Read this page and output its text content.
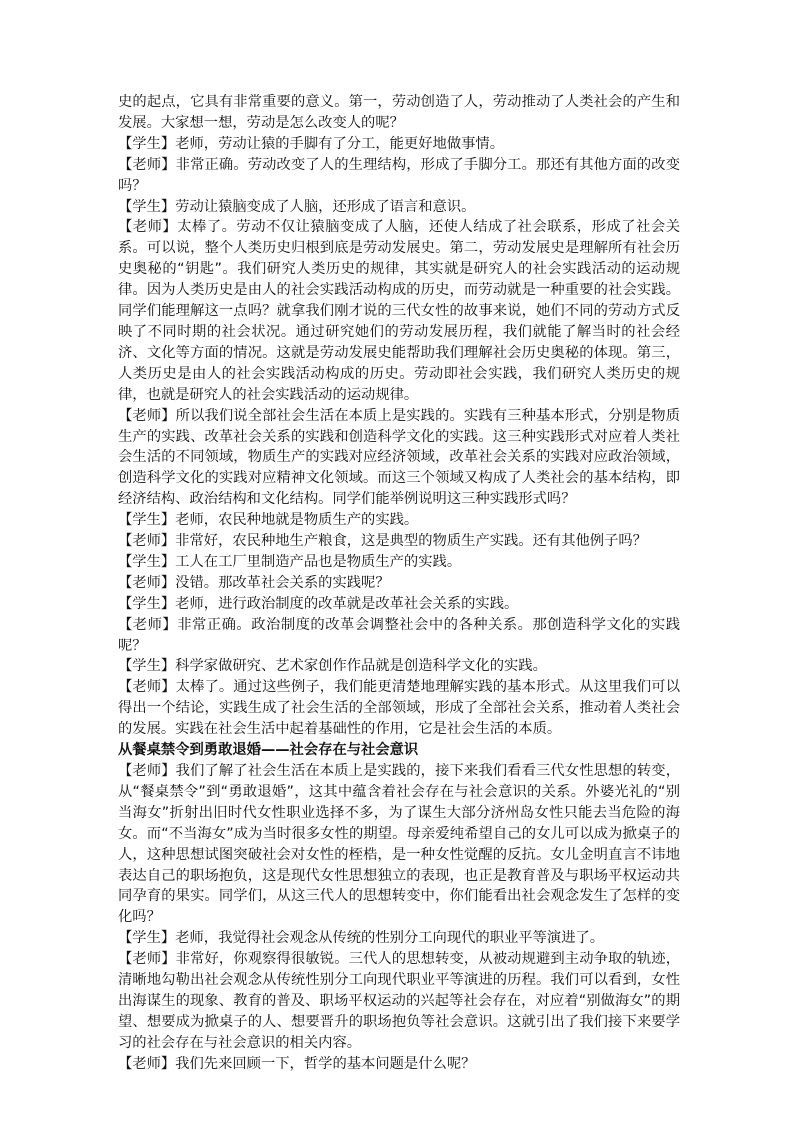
史的起点，它具有非常重要的意义。第一，劳动创造了人，劳动推动了人类社会的产生和发展。大家想一想，劳动是怎么改变人的呢？

【学生】老师，劳动让猿的手脚有了分工，能更好地做事情。

【老师】非常正确。劳动改变了人的生理结构，形成了手脚分工。那还有其他方面的改变吗？

【学生】劳动让猿脑变成了人脑，还形成了语言和意识。

【老师】太棒了。劳动不仅让猿脑变成了人脑，还使人结成了社会联系，形成了社会关系。可以说，整个人类历史归根到底是劳动发展史。第二，劳动发展史是理解所有社会历史奥秘的“钥匙”。我们研究人类历史的规律，其实就是研究人的社会实践活动的运动规律。因为人类历史是由人的社会实践活动构成的历史，而劳动就是一种重要的社会实践。同学们能理解这一点吗？就拿我们刚才说的三代女性的故事来说，她们不同的劳动方式反映了不同时期的社会状况。通过研究她们的劳动发展历程，我们就能了解当时的社会经济、文化等方面的情况。这就是劳动发展史能帮助我们理解社会历史奥秘的体现。第三，人类历史是由人的社会实践活动构成的历史。劳动即社会实践，我们研究人类历史的规律，也就是研究人的社会实践活动的运动规律。

【老师】所以我们说全部社会生活在本质上是实践的。实践有三种基本形式，分别是物质生产的实践、改革社会关系的实践和创造科学文化的实践。这三种实践形式对应着人类社会生活的不同领域，物质生产的实践对应经济领域，改革社会关系的实践对应政治领域，创造科学文化的实践对应精神文化领域。而这三个领域又构成了人类社会的基本结构，即经济结构、政治结构和文化结构。同学们能举例说明这三种实践形式吗？

【学生】老师，农民种地就是物质生产的实践。

【老师】非常好，农民种地生产粮食，这是典型的物质生产实践。还有其他例子吗？

【学生】工人在工厂里制造产品也是物质生产的实践。

【老师】没错。那改革社会关系的实践呢？

【学生】老师，进行政治制度的改革就是改革社会关系的实践。

【老师】非常正确。政治制度的改革会调整社会中的各种关系。那创造科学文化的实践呢？

【学生】科学家做研究、艺术家创作作品就是创造科学文化的实践。

【老师】太棒了。通过这些例子，我们能更清楚地理解实践的基本形式。从这里我们可以得出一个结论，实践生成了社会生活的全部领域，形成了全部社会关系，推动着人类社会的发展。实践在社会生活中起着基础性的作用，它是社会生活的本质。

从餐桌禁令到勇敢退婚——社会存在与社会意识

【老师】我们了解了社会生活在本质上是实践的，接下来我们看看三代女性思想的转变，从“餐桌禁令”到“勇敢退婚”，这其中蕴含着社会存在与社会意识的关系。外婆光礼的“别当海女”折射出旧时代女性职业选择不多，为了谋生大部分济州岛女性只能去当危险的海女。而“不当海女”成为当时很多女性的期望。母亲爱纯希望自己的女儿可以成为掀桌子的人，这种思想试图突破社会对女性的桎梏，是一种女性觉醒的反抗。女儿金明直言不讳地表达自己的职场抱负，这是现代女性思想独立的表现，也正是教育普及与职场平权运动共同孕育的果实。同学们，从这三代人的思想转变中，你们能看出社会观念发生了怎样的变化吗？

【学生】老师，我觉得社会观念从传统的性别分工向现代的职业平等演进了。

【老师】非常好，你观察得很敏锐。三代人的思想转变，从被动规避到主动争取的轨迹，清晰地勾勒出社会观念从传统性别分工向现代职业平等演进的历程。我们可以看到，女性出海谋生的现象、教育的普及、职场平权运动的兴起等社会存在，对应着“别做海女”的期望、想要成为掀桌子的人、想要晋升的职场抱负等社会意识。这就引出了我们接下来要学习的社会存在与社会意识的相关内容。

【老师】我们先来回顾一下，哲学的基本问题是什么呢？
